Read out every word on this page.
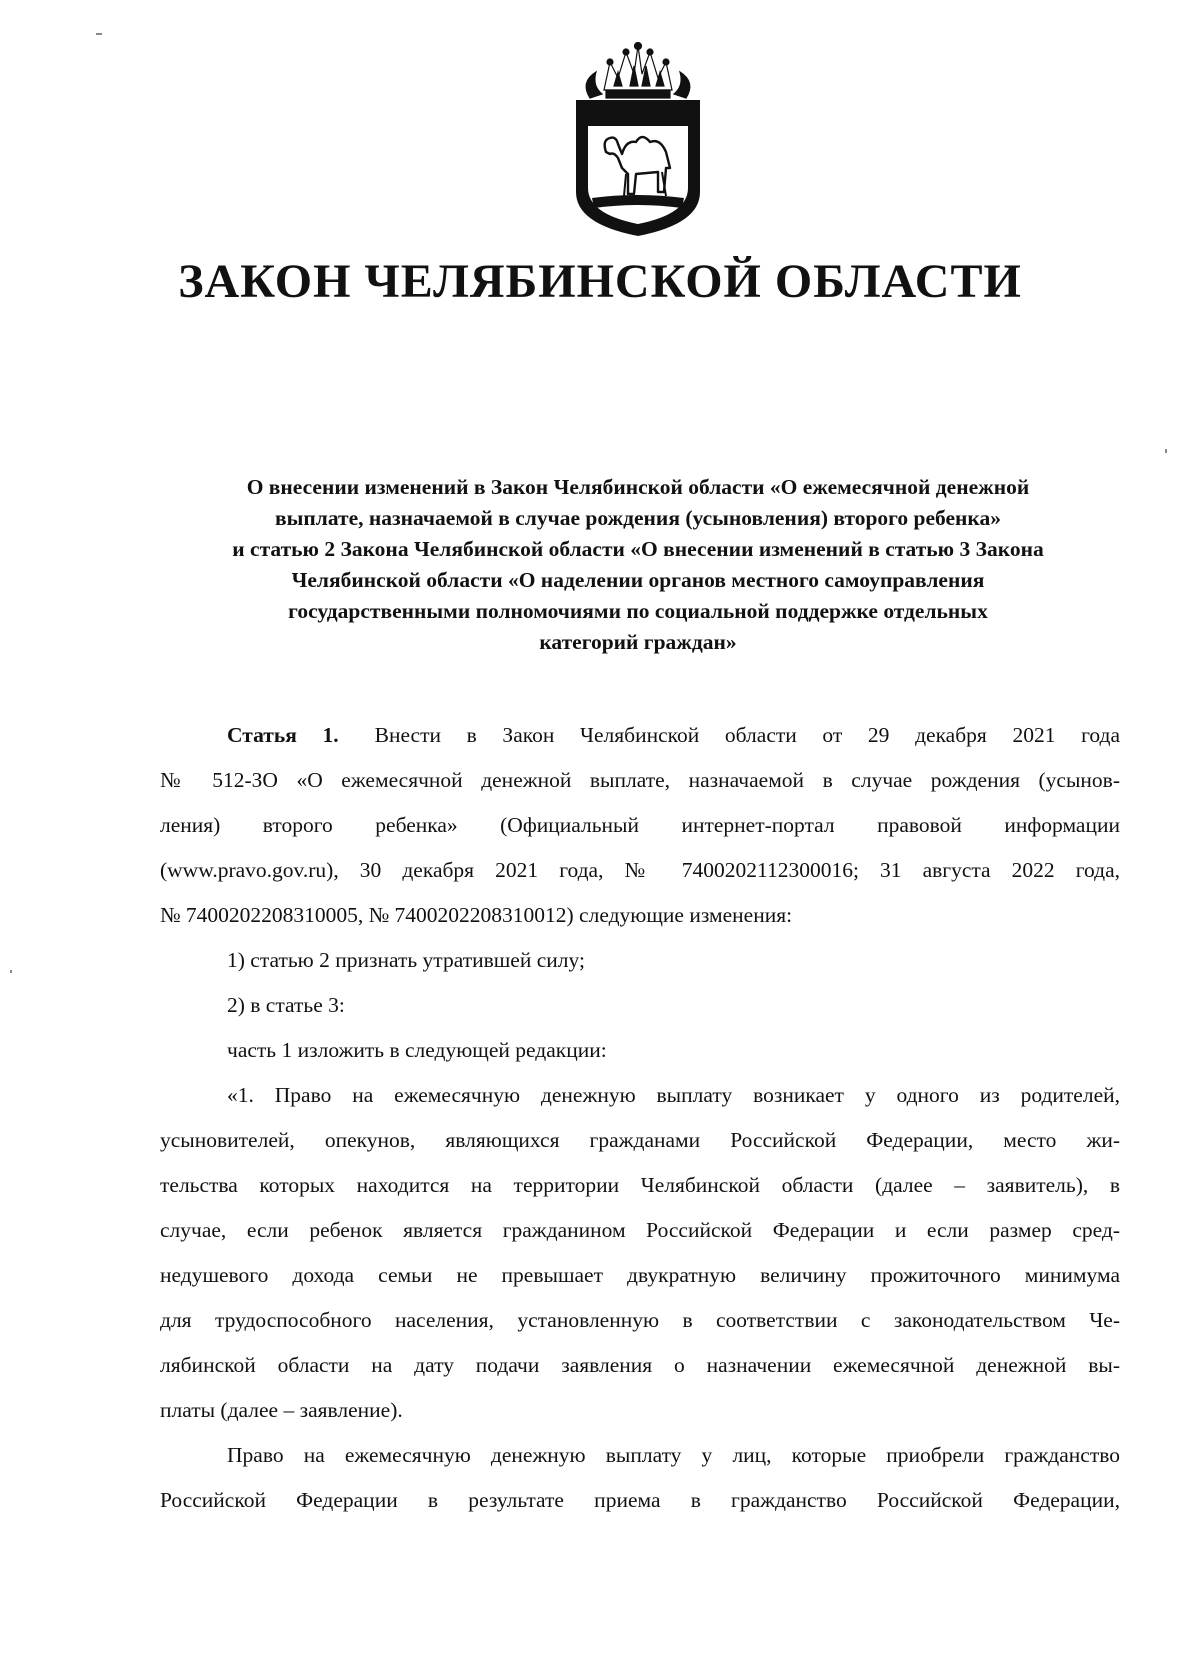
ЗАКОН ЧЕЛЯБИНСКОЙ ОБЛАСТИ
О внесении изменений в Закон Челябинской области «О ежемесячной денежной
выплате, назначаемой в случае рождения (усыновления) второго ребенка»
и статью 2 Закона Челябинской области «О внесении изменений в статью 3 Закона
Челябинской области «О наделении органов местного самоуправления
государственными полномочиями по социальной поддержке отдельных
категорий граждан»
Статья 1. Внести в Закон Челябинской области от 29 декабря 2021 года
№ 512-ЗО «О ежемесячной денежной выплате, назначаемой в случае рождения (усынов-
ления) второго ребенка» (Официальный интернет-портал правовой информации
(www.pravo.gov.ru), 30 декабря 2021 года, № 7400202112300016; 31 августа 2022 года,
№ 7400202208310005, № 7400202208310012) следующие изменения:
1) статью 2 признать утратившей силу;
2) в статье 3:
часть 1 изложить в следующей редакции:
«1. Право на ежемесячную денежную выплату возникает у одного из родителей,
усыновителей, опекунов, являющихся гражданами Российской Федерации, место жи-
тельства которых находится на территории Челябинской области (далее – заявитель), в
случае, если ребенок является гражданином Российской Федерации и если размер сред-
недушевого дохода семьи не превышает двукратную величину прожиточного минимума
для трудоспособного населения, установленную в соответствии с законодательством Че-
лябинской области на дату подачи заявления о назначении ежемесячной денежной вы-
платы (далее – заявление).
Право на ежемесячную денежную выплату у лиц, которые приобрели гражданство
Российской Федерации в результате приема в гражданство Российской Федерации,
